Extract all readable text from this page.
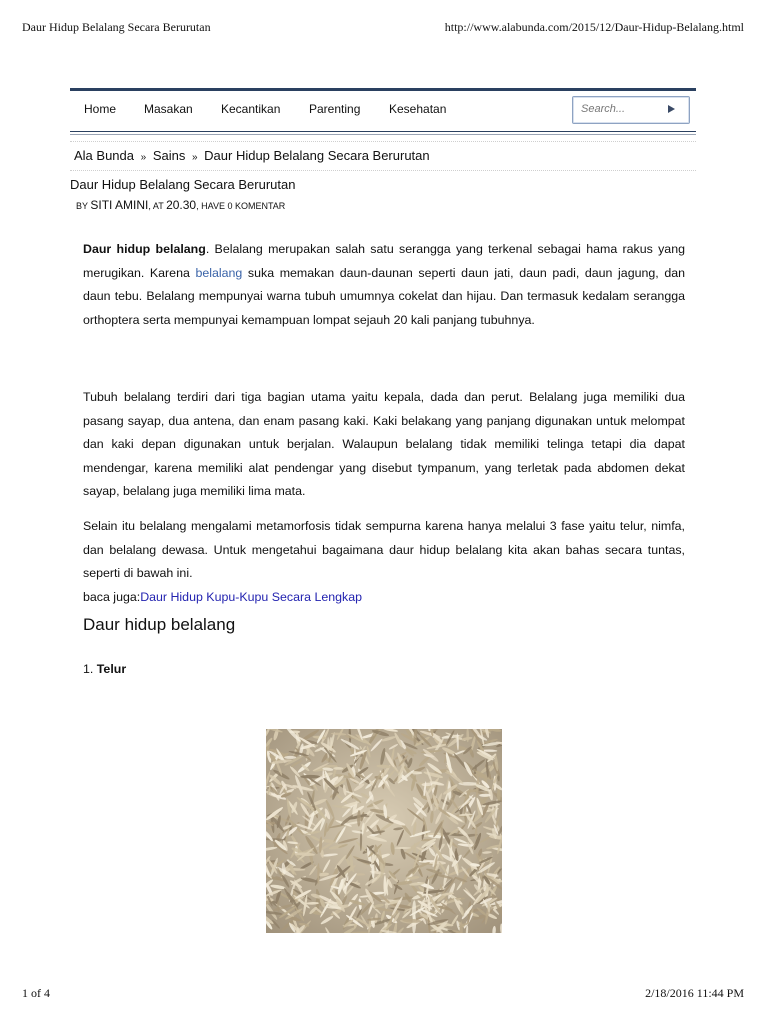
Daur Hidup Belalang Secara Berurutan	http://www.alabunda.com/2015/12/Daur-Hidup-Belalang.html
Home Masakan Kecantikan Parenting Kesehatan
Search...
Ala Bunda » Sains » Daur Hidup Belalang Secara Berurutan
Daur Hidup Belalang Secara Berurutan
BY SITI AMINI, AT 20.30, HAVE 0 KOMENTAR

Daur hidup belalang. Belalang merupakan salah satu serangga yang terkenal sebagai hama rakus yang merugikan. Karena belalang suka memakan daun-daunan seperti daun jati, daun padi, daun jagung, dan daun tebu. Belalang mempunyai warna tubuh umumnya cokelat dan hijau. Dan termasuk kedalam serangga orthoptera serta mempunyai kemampuan lompat sejauh 20 kali panjang tubuhnya.

Tubuh belalang terdiri dari tiga bagian utama yaitu kepala, dada dan perut. Belalang juga memiliki dua pasang sayap, dua antena, dan enam pasang kaki. Kaki belakang yang panjang digunakan untuk melompat dan kaki depan digunakan untuk berjalan. Walaupun belalang tidak memiliki telinga tetapi dia dapat mendengar, karena memiliki alat pendengar yang disebut tympanum, yang terletak pada abdomen dekat sayap, belalang juga memiliki lima mata.

Selain itu belalang mengalami metamorfosis tidak sempurna karena hanya melalui 3 fase yaitu telur, nimfa, dan belalang dewasa. Untuk mengetahui bagaimana daur hidup belalang kita akan bahas secara tuntas, seperti di bawah ini.
baca juga:Daur Hidup Kupu-Kupu Secara Lengkap

Daur hidup belalang
1. Telur
1 of 4	2/18/2016 11:44 PM
